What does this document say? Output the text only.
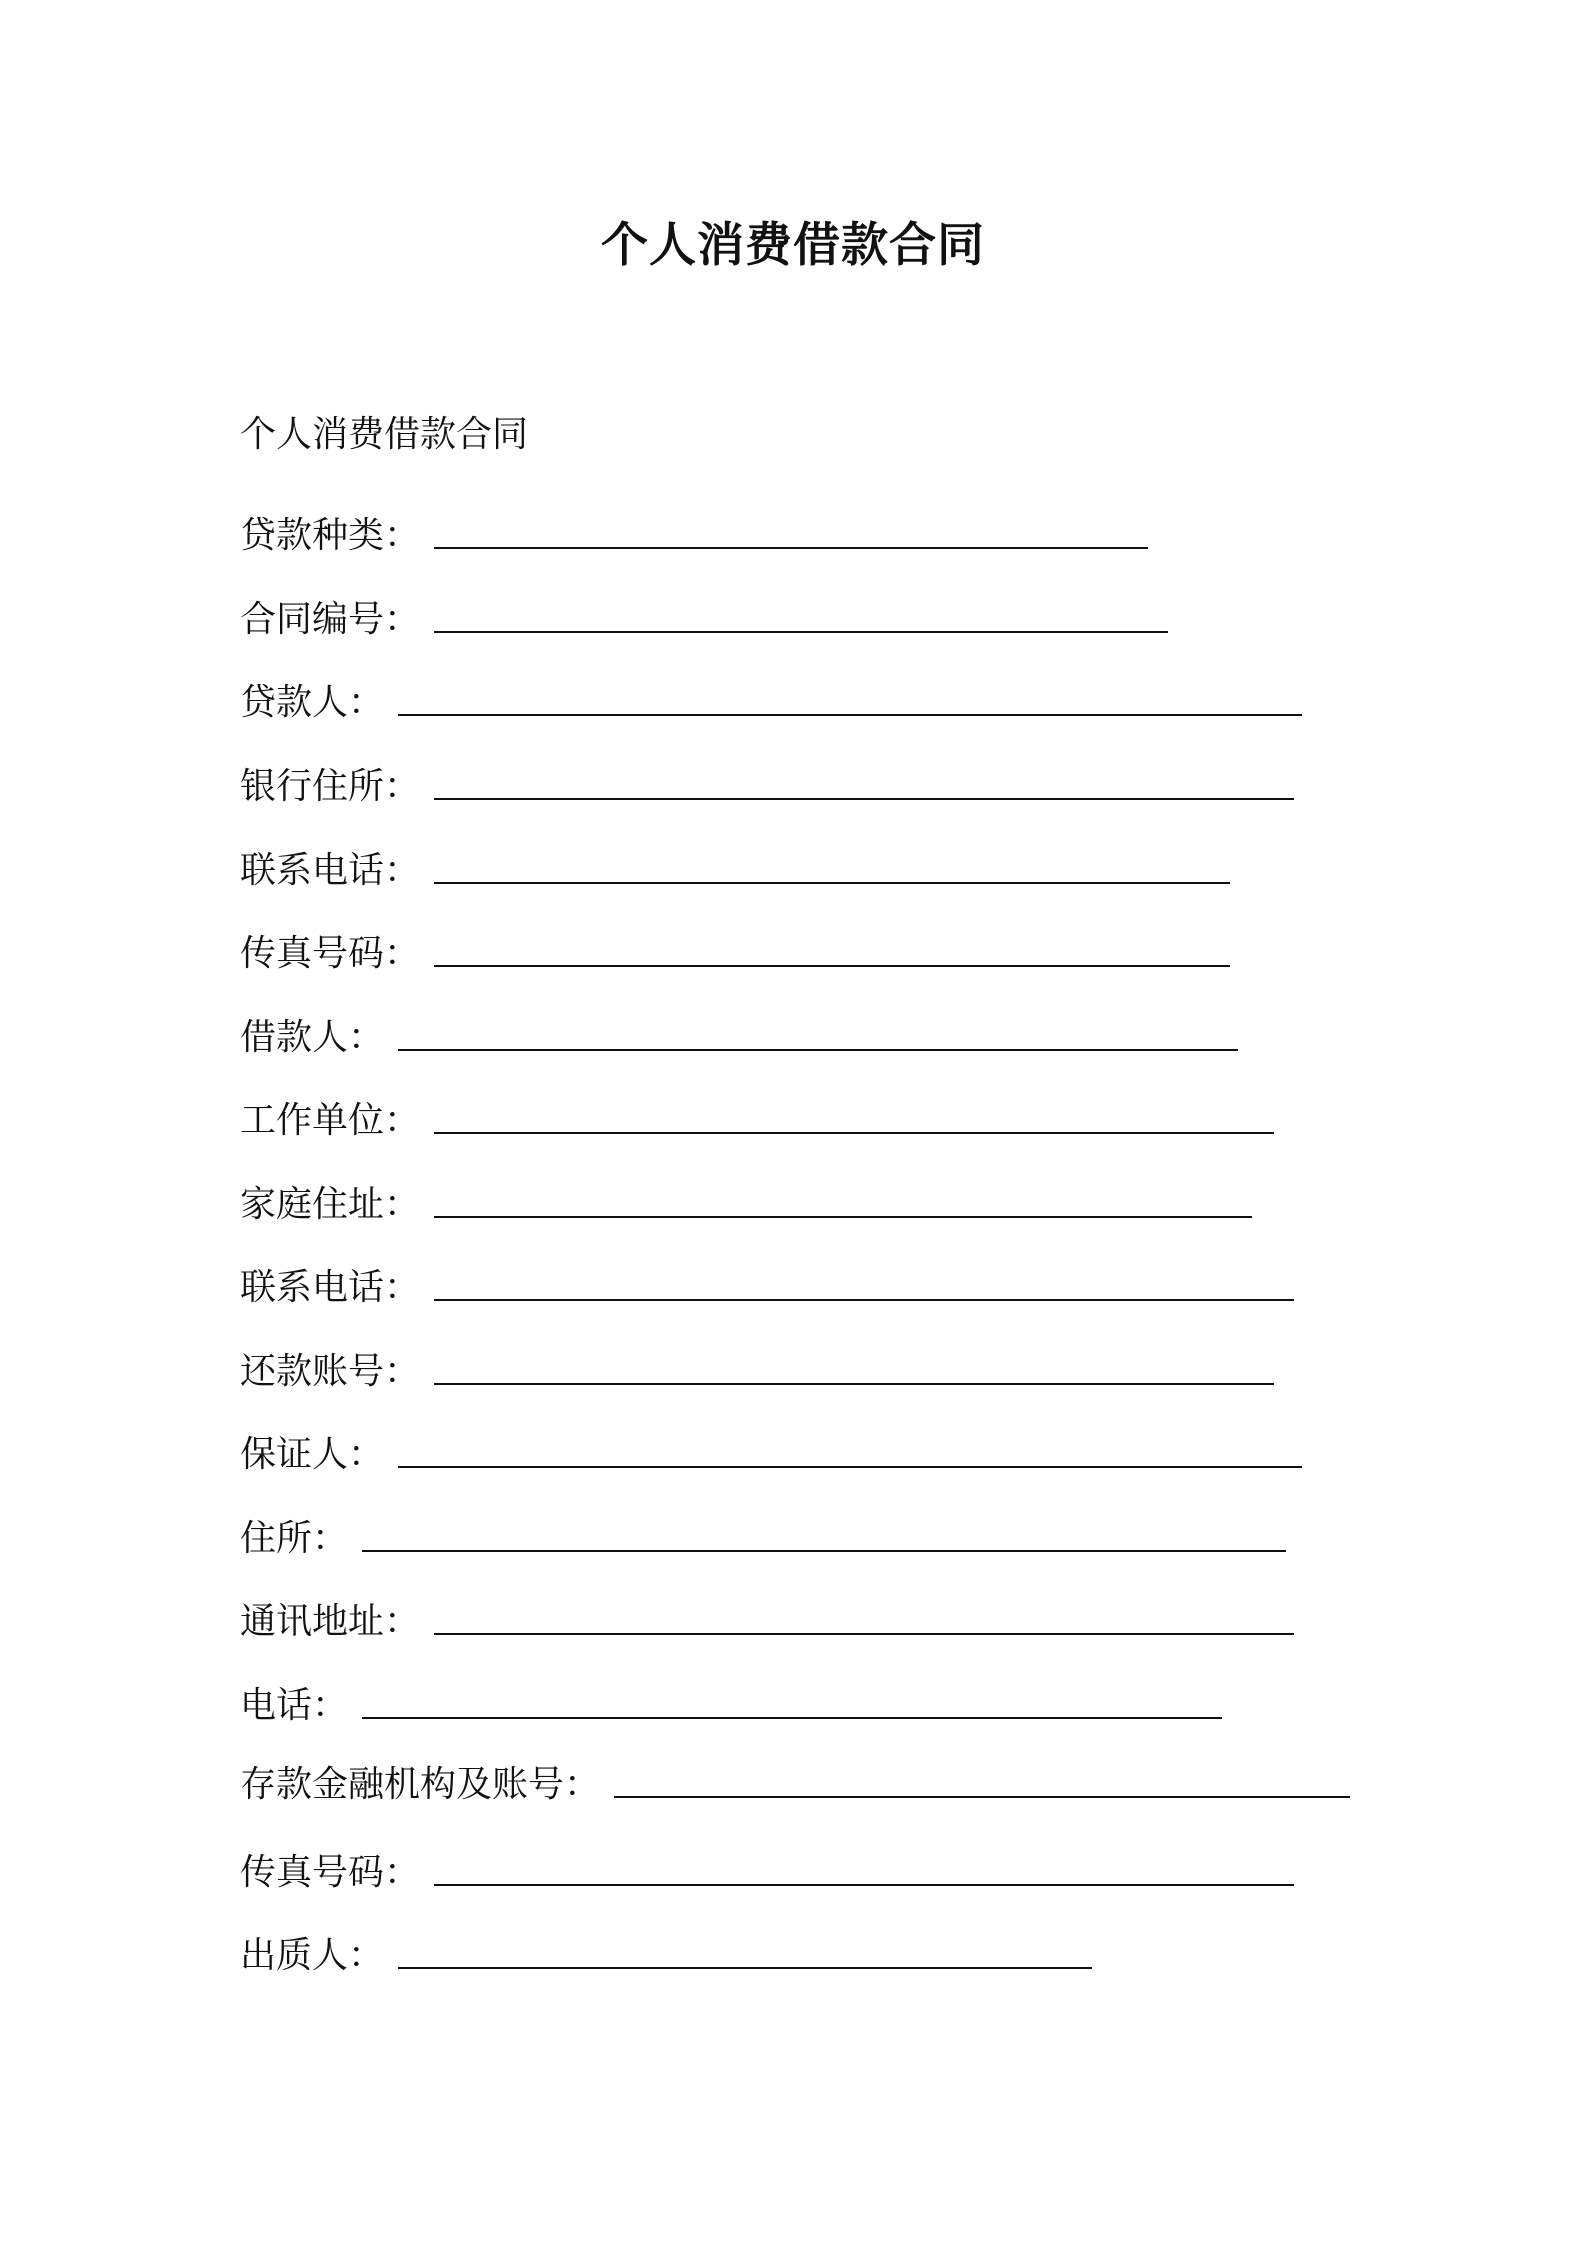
个人消费借款合同
个人消费借款合同
贷款种类 ：
合同编号 ：
贷款人 ：
银行住所 ：
联系电话 ：
传真号码 ：
借款人 ：
工作单位 ：
家庭住址 ：
联系电话 ：
还款账号 ：
保证人 ：
住所 ：
通讯地址 ：
电话 ：
存款金融机构及账号 ：
传真号码 ：
出质人 ：
